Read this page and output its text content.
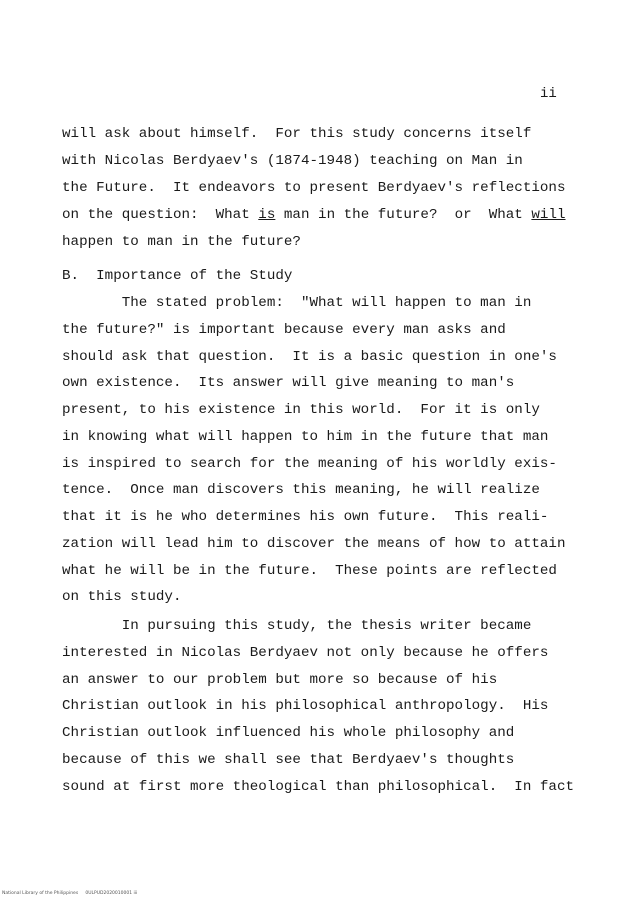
ii
will ask about himself.  For this study concerns itself
with Nicolas Berdyaev's (1874-1948) teaching on Man in
the Future.  It endeavors to present Berdyaev's reflections
on the question:  What is man in the future?  or  What will
happen to man in the future?
B.  Importance of the Study
The stated problem:  "What will happen to man in
the future?" is important because every man asks and
should ask that question.  It is a basic question in one's
own existence.  Its answer will give meaning to man's
present, to his existence in this world.  For it is only
in knowing what will happen to him in the future that man
is inspired to search for the meaning of his worldly exis-
tence.  Once man discovers this meaning, he will realize
that it is he who determines his own future.  This reali-
zation will lead him to discover the means of how to attain
what he will be in the future.  These points are reflected
on this study.
In pursuing this study, the thesis writer became
interested in Nicolas Berdyaev not only because he offers
an answer to our problem but more so because of his
Christian outlook in his philosophical anthropology.  His
Christian outlook influenced his whole philosophy and
because of this we shall see that Berdyaev's thoughts
sound at first more theological than philosophical.  In fact
National Library of the Philippines     0ULPUD2020010001 iii
